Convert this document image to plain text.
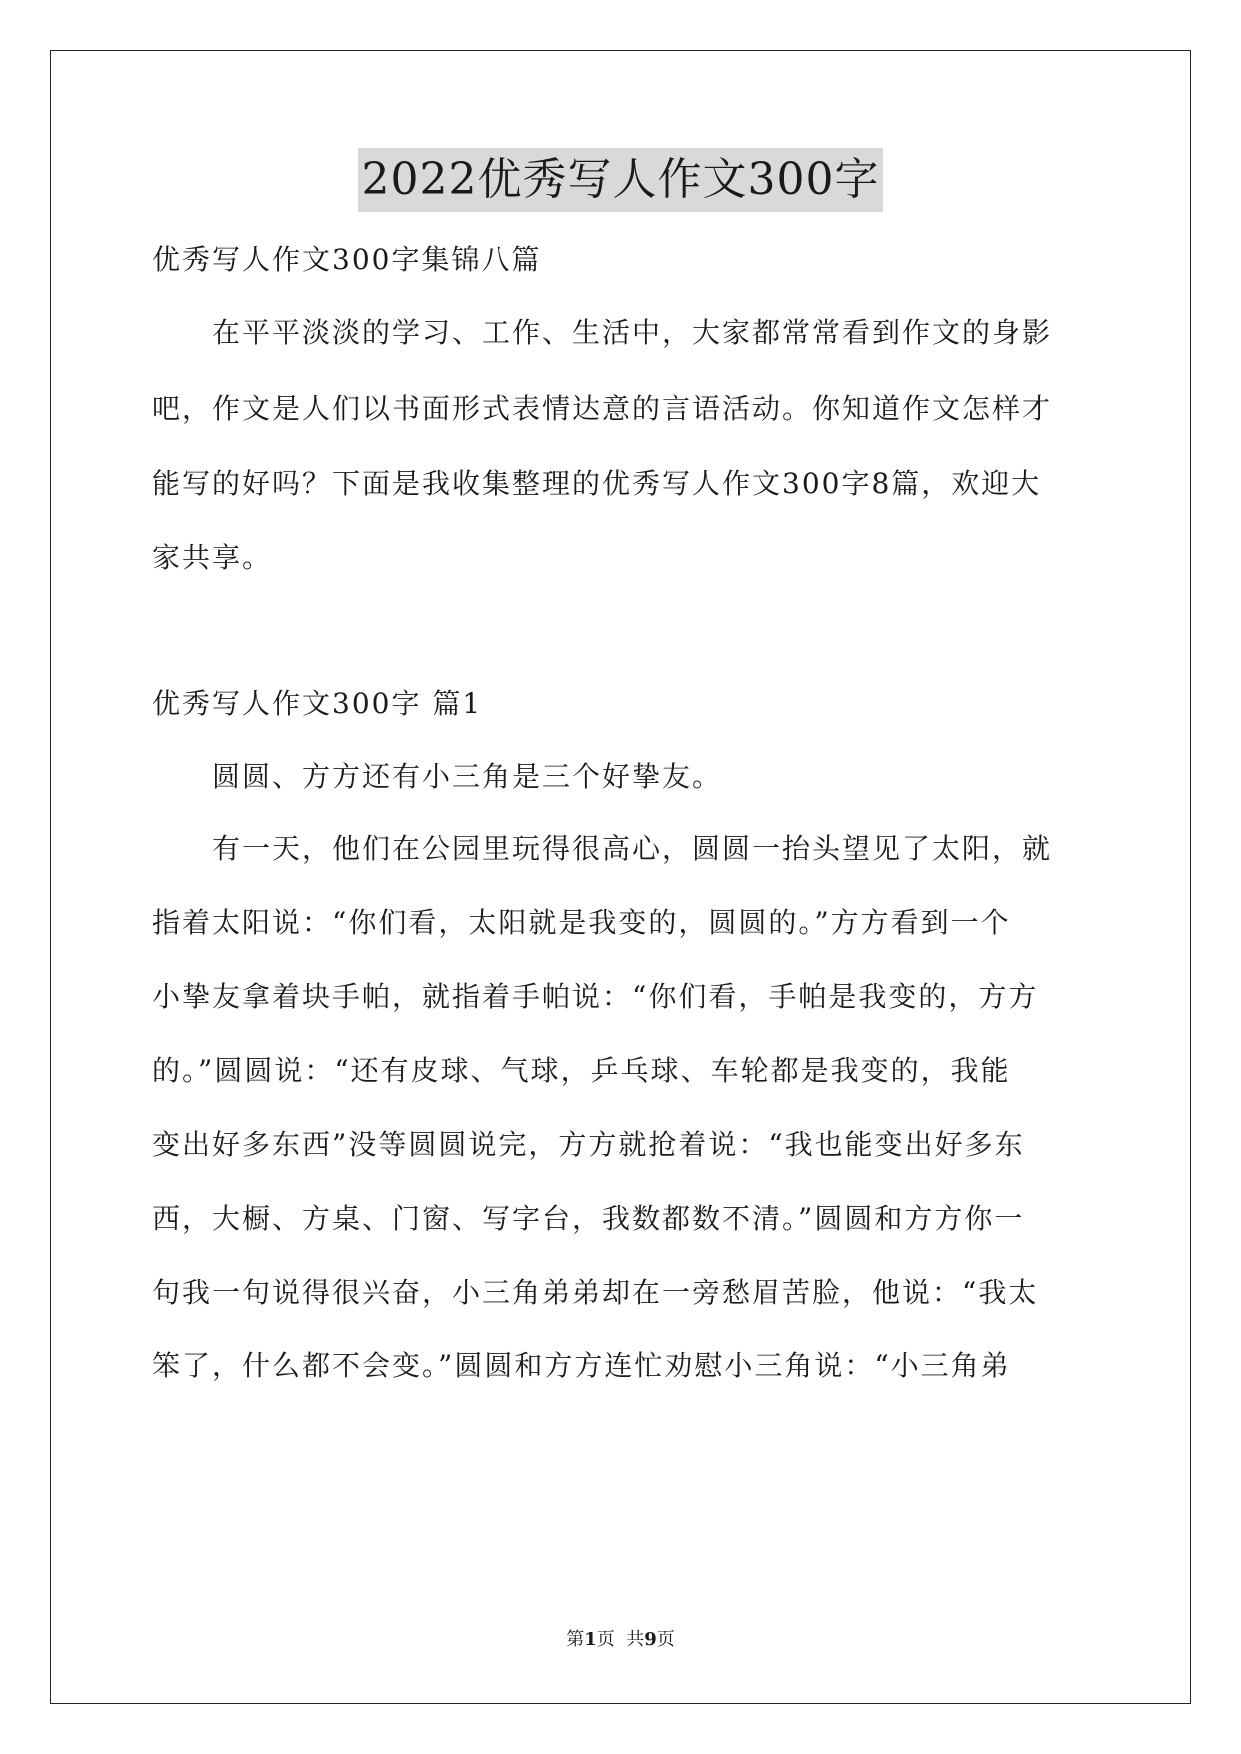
2022优秀写人作文300字
优秀写人作文300字集锦八篇
在平平淡淡的学习、工作、生活中，大家都常常看到作文的身影
吧，作文是人们以书面形式表情达意的言语活动。你知道作文怎样才
能写的好吗？下面是我收集整理的优秀写人作文300字8篇，欢迎大
家共享。
优秀写人作文300字 篇1
圆圆、方方还有小三角是三个好挚友。
有一天，他们在公园里玩得很高心，圆圆一抬头望见了太阳，就
指着太阳说：“你们看，太阳就是我变的，圆圆的。”方方看到一个
小挚友拿着块手帕，就指着手帕说：“你们看，手帕是我变的，方方
的。”圆圆说：“还有皮球、气球，乒乓球、车轮都是我变的，我能
变出好多东西”没等圆圆说完，方方就抢着说：“我也能变出好多东
西，大橱、方桌、门窗、写字台，我数都数不清。”圆圆和方方你一
句我一句说得很兴奋，小三角弟弟却在一旁愁眉苦脸，他说：“我太
笨了，什么都不会变。”圆圆和方方连忙劝慰小三角说：“小三角弟
第1页  共9页
